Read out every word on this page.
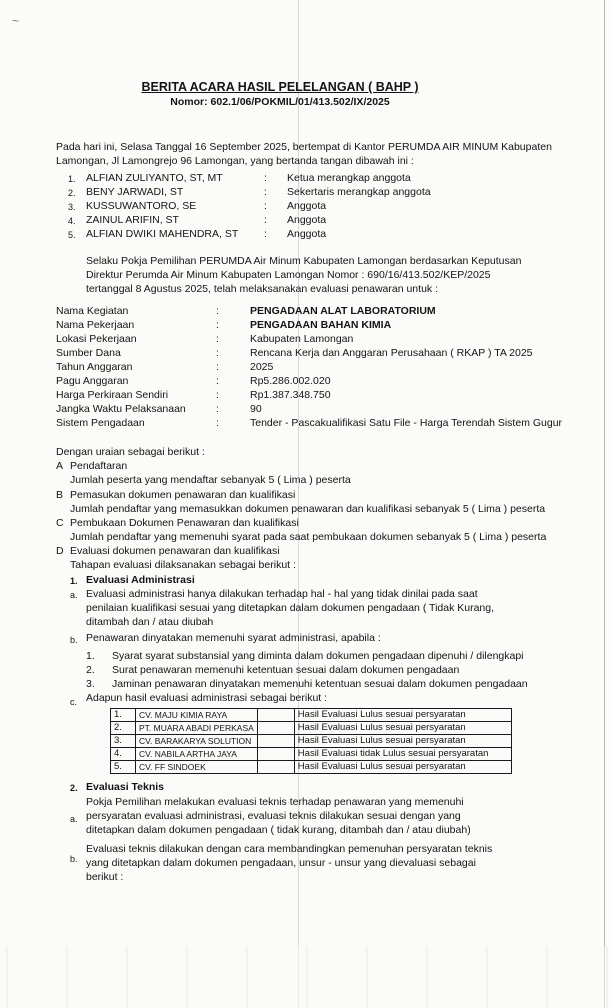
~
BERITA ACARA HASIL PELELANGAN ( BAHP )
Nomor: 602.1/06/POKMIL/01/413.502/IX/2025
Pada hari ini, Selasa Tanggal 16 September 2025, bertempat di Kantor PERUMDA AIR MINUM Kabupaten Lamongan, Jl Lamongrejo 96 Lamongan, yang bertanda tangan dibawah ini :
1. ALFIAN ZULIYANTO, ST, MT	: Ketua merangkap anggota
2. BENY JARWADI, ST	: Sekertaris merangkap anggota
3. KUSSUWANTORO, SE	: Anggota
4. ZAINUL ARIFIN, ST	: Anggota
5. ALFIAN DWIKI MAHENDRA, ST : Anggota
Selaku Pokja Pemilihan PERUMDA Air Minum Kabupaten Lamongan berdasarkan Keputusan Direktur Perumda Air Minum Kabupaten Lamongan Nomor : 690/16/413.502/KEP/2025 tertanggal 8 Agustus 2025, telah melaksanakan evaluasi penawaran untuk :
Nama Kegiatan	:	PENGADAAN ALAT LABORATORIUM
Nama Pekerjaan	:	PENGADAAN BAHAN KIMIA
Lokasi Pekerjaan	:	Kabupaten Lamongan
Sumber Dana	:	Rencana Kerja dan Anggaran Perusahaan ( RKAP ) TA 2025
Tahun Anggaran	:	2025
Pagu Anggaran	:	Rp5.286.002.020
Harga Perkiraan Sendiri	:	Rp1.387.348.750
Jangka Waktu Pelaksanaan	:	90
Sistem Pengadaan	:	Tender - Pascakualifikasi Satu File - Harga Terendah Sistem Gugur
Dengan uraian sebagai berikut :
A Pendaftaran
Jumlah peserta yang mendaftar sebanyak 5 ( Lima ) peserta
B Pemasukan dokumen penawaran dan kualifikasi
Jumlah pendaftar yang memasukkan dokumen penawaran dan kualifikasi sebanyak 5 ( Lima ) peserta
C Pembukaan Dokumen Penawaran dan kualifikasi
Jumlah pendaftar yang memenuhi syarat pada saat pembukaan dokumen sebanyak 5 ( Lima ) peserta
D Evaluasi dokumen penawaran dan kualifikasi
Tahapan evaluasi dilaksanakan sebagai berikut :
1. Evaluasi Administrasi
a. Evaluasi administrasi hanya dilakukan terhadap hal - hal yang tidak dinilai pada saat penilaian kualifikasi sesuai yang ditetapkan dalam dokumen pengadaan ( Tidak Kurang, ditambah dan / atau diubah
b. Penawaran dinyatakan memenuhi syarat administrasi, apabila :
1. Syarat syarat substansial yang diminta dalam dokumen pengadaan dipenuhi / dilengkapi
2. Surat penawaran memenuhi ketentuan sesuai dalam dokumen pengadaan
3. Jaminan penawaran dinyatakan memenuhi ketentuan sesuai dalam dokumen pengadaan
c. Adapun hasil evaluasi administrasi sebagai berikut :
1.	CV. MAJU KIMIA RAYA		Hasil Evaluasi Lulus sesuai persyaratan
2.	PT. MUARA ABADI PERKASA		Hasil Evaluasi Lulus sesuai persyaratan
3.	CV. BARAKARYA SOLUTION		Hasil Evaluasi Lulus sesuai persyaratan
4.	CV. NABILA ARTHA JAYA		Hasil Evaluasi tidak Lulus sesuai persyaratan
5.	CV. FF SINDOEK		Hasil Evaluasi Lulus sesuai persyaratan
2. Evaluasi Teknis
a.
Pokja Pemilihan melakukan evaluasi teknis terhadap penawaran yang memenuhi persyaratan evaluasi administrasi, evaluasi teknis dilakukan sesuai dengan yang ditetapkan dalam dokumen pengadaan ( tidak kurang, ditambah dan / atau diubah)
b.
Evaluasi teknis dilakukan dengan cara membandingkan pemenuhan persyaratan teknis yang ditetapkan dalam dokumen pengadaan, unsur - unsur yang dievaluasi sebagai berikut :
